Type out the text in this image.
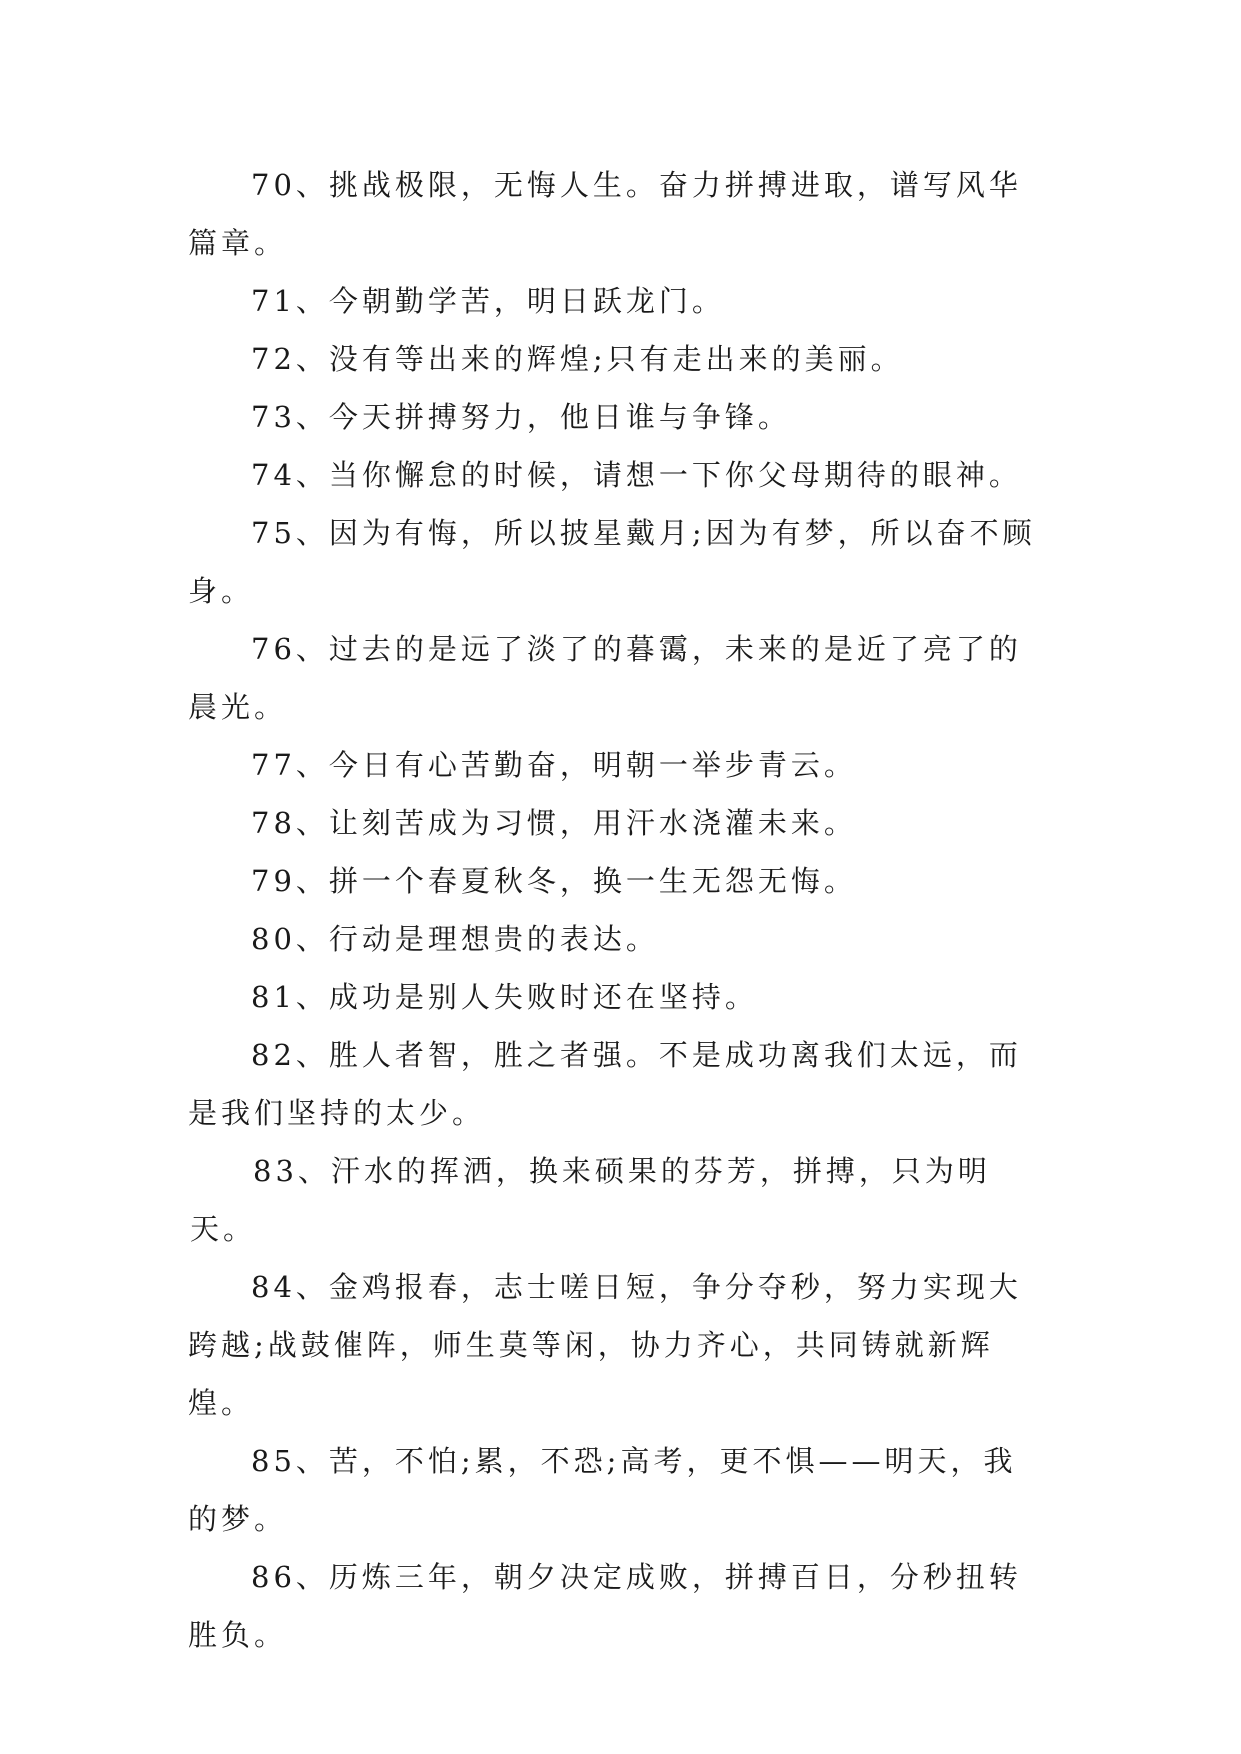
70、挑战极限，无悔人生。奋力拼搏进取，谱写风华篇章。

71、今朝勤学苦，明日跃龙门。

72、没有等出来的辉煌;只有走出来的美丽。

73、今天拼搏努力，他日谁与争锋。

74、当你懈怠的时候，请想一下你父母期待的眼神。

75、因为有悔，所以披星戴月;因为有梦，所以奋不顾身。

76、过去的是远了淡了的暮霭，未来的是近了亮了的晨光。

77、今日有心苦勤奋，明朝一举步青云。

78、让刻苦成为习惯，用汗水浇灌未来。

79、拼一个春夏秋冬，换一生无怨无悔。

80、行动是理想贵的表达。

81、成功是别人失败时还在坚持。

82、胜人者智，胜之者强。不是成功离我们太远，而是我们坚持的太少。

83、汗水的挥洒，换来硕果的芬芳，拼搏，只为明天。

84、金鸡报春，志士嗟日短，争分夺秒，努力实现大跨越;战鼓催阵，师生莫等闲，协力齐心，共同铸就新辉煌。

85、苦，不怕;累，不恐;高考，更不惧——明天，我的梦。

86、历炼三年，朝夕决定成败，拼搏百日，分秒扭转胜负。
